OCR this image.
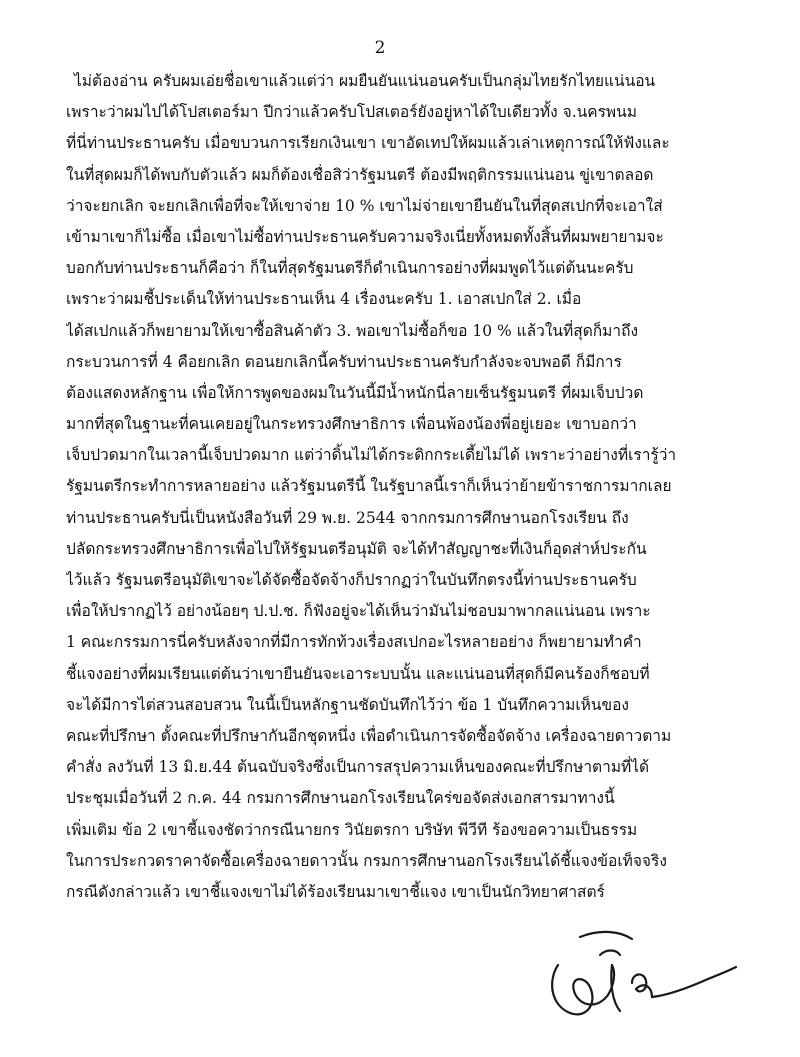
2
ไม่ต้องอ่าน ครับผมเอ่ยชื่อเขาแล้วแต่ว่า ผมยืนยันแน่นอนครับเป็นกลุ่มไทยรักไทยแน่นอน
เพราะว่าผมไปได้โปสเตอร์มา ปีกว่าแล้วครับโปสเตอร์ยังอยู่หาได้ใบเดียวทั้ง จ.นครพนม
ที่นี่ท่านประธานครับ เมื่อขบวนการเรียกเงินเขา เขาอัดเทปให้ผมแล้วเล่าเหตุการณ์ให้ฟังและ
ในที่สุดผมก็ได้พบกับตัวแล้ว ผมก็ต้องเชื่อสิว่ารัฐมนตรี ต้องมีพฤติกรรมแน่นอน ขู่เขาตลอด
ว่าจะยกเลิก จะยกเลิกเพื่อที่จะให้เขาจ่าย 10 % เขาไม่จ่ายเขายืนยันในที่สุดสเปกที่จะเอาใส่
เข้ามาเขาก็ไม่ซื้อ เมื่อเขาไม่ซื้อท่านประธานครับความจริงเนี่ยทั้งหมดทั้งสิ้นที่ผมพยายามจะ
บอกกับท่านประธานก็คือว่า ก็ในที่สุดรัฐมนตรีก็ดำเนินการอย่างที่ผมพูดไว้แต่ต้นนะครับ
เพราะว่าผมชี้ประเด็นให้ท่านประธานเห็น 4 เรื่องนะครับ 1. เอาสเปกใส่ 2. เมื่อ
ได้สเปกแล้วก็พยายามให้เขาซื้อสินค้าตัว 3. พอเขาไม่ซื้อก็ขอ 10 % แล้วในที่สุดก็มาถึง
กระบวนการที่ 4 คือยกเลิก ตอนยกเลิกนี้ครับท่านประธานครับกำลังจะจบพอดี ก็มีการ
ต้องแสดงหลักฐาน เพื่อให้การพูดของผมในวันนี้มีน้ำหนักนี่ลายเซ็นรัฐมนตรี ที่ผมเจ็บปวด
มากที่สุดในฐานะที่คนเคยอยู่ในกระทรวงศึกษาธิการ เพื่อนพ้องน้องพี่อยู่เยอะ เขาบอกว่า
เจ็บปวดมากในเวลานี้เจ็บปวดมาก แต่ว่าดิ้นไม่ได้กระดิกกระเดี้ยไม่ได้ เพราะว่าอย่างที่เรารู้ว่า
รัฐมนตรีกระทำการหลายอย่าง แล้วรัฐมนตรีนี้ ในรัฐบาลนี้เราก็เห็นว่าย้ายข้าราชการมากเลย
ท่านประธานครับนี่เป็นหนังสือวันที่ 29 พ.ย. 2544 จากกรมการศึกษานอกโรงเรียน ถึง
ปลัดกระทรวงศึกษาธิการเพื่อไปให้รัฐมนตรีอนุมัติ จะได้ทำสัญญาชะที่เงินก็อุดส่าห์ประกัน
ไว้แล้ว รัฐมนตรีอนุมัติเขาจะได้จัดซื้อจัดจ้างก็ปรากฏว่าในบันทึกตรงนี้ท่านประธานครับ
เพื่อให้ปรากฏไว้ อย่างน้อยๆ ป.ป.ช. ก็ฟังอยู่จะได้เห็นว่ามันไม่ชอบมาพากลแน่นอน เพราะ
1 คณะกรรมการนี่ครับหลังจากที่มีการทักท้วงเรื่องสเปกอะไรหลายอย่าง ก็พยายามทำคำ
ชี้แจงอย่างที่ผมเรียนแต่ต้นว่าเขายืนยันจะเอาระบบนั้น และแน่นอนที่สุดก็มีคนร้องก็ชอบที่
จะได้มีการไต่สวนสอบสวน ในนี้เป็นหลักฐานชัดบันทึกไว้ว่า ข้อ 1 บันทึกความเห็นของ
คณะที่ปรึกษา ตั้งคณะที่ปรึกษากันอีกชุดหนึ่ง เพื่อดำเนินการจัดซื้อจัดจ้าง เครื่องฉายดาวตาม
คำสั่ง ลงวันที่ 13 มิ.ย.44 ต้นฉบับจริงซึ่งเป็นการสรุปความเห็นของคณะที่ปรึกษาตามที่ได้
ประชุมเมื่อวันที่ 2 ก.ค. 44 กรมการศึกษานอกโรงเรียนใคร่ขอจัดส่งเอกสารมาทางนี้
เพิ่มเติม ข้อ 2 เขาชี้แจงชัดว่ากรณีนายกร วินัยตรกา บริษัท พีวีที ร้องขอความเป็นธรรม
ในการประกวดราคาจัดซื้อเครื่องฉายดาวนั้น กรมการศึกษานอกโรงเรียนได้ชี้แจงข้อเท็จจริง
กรณีดังกล่าวแล้ว เขาชี้แจงเขาไม่ได้ร้องเรียนมาเขาชี้แจง เขาเป็นนักวิทยาศาสตร์
